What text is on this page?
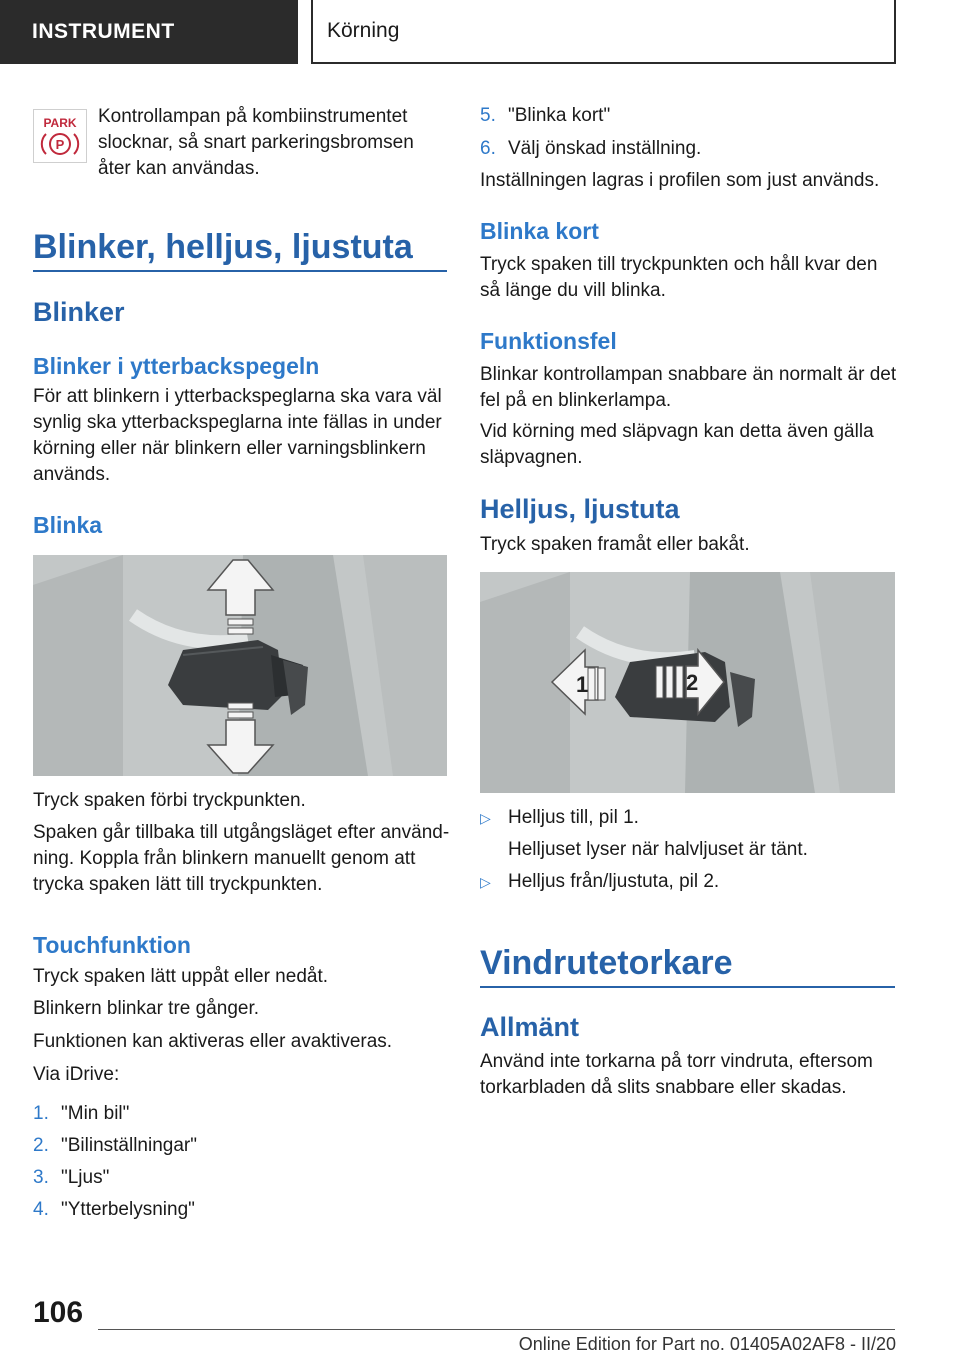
INSTRUMENT	Körning
PARK
P

Kontrollampan på kombiinstrumentet
slocknar, så snart parkeringsbromsen
åter kan användas.

Blinker, helljus, ljustuta
Blinker
Blinker i ytterbackspegeln

För att blinkern i ytterbackspeglarna ska vara väl
synlig ska ytterbackspeglarna inte fällas in under
körning eller när blinkern eller varningsblinkern
används.

Blinka

Tryck spaken förbi tryckpunkten.

Spaken går tillbaka till utgångsläget efter använd-
ning. Koppla från blinkern manuellt genom att
trycka spaken lätt till tryckpunkten.

Touchfunktion

Tryck spaken lätt uppåt eller nedåt.

Blinkern blinkar tre gånger.

Funktionen kan aktiveras eller avaktiveras.

Via iDrive:

1. "Min bil"
2. "Bilinställningar"
3. "Ljus"
4. "Ytterbelysning"
5. "Blinka kort"
6. Välj önskad inställning.

Inställningen lagras i profilen som just används.

Blinka kort

Tryck spaken till tryckpunkten och håll kvar den
så länge du vill blinka.

Funktionsfel

Blinkar kontrollampan snabbare än normalt är det
fel på en blinkerlampa.

Vid körning med släpvagn kan detta även gälla
släpvagnen.

Helljus, ljustuta

Tryck spaken framåt eller bakåt.

1	2
▷ Helljus till, pil 1.

Helljuset lyser när halvljuset är tänt.

▷ Helljus från/ljustuta, pil 2.
Vindrutetorkare
Allmänt

Använd inte torkarna på torr vindruta, eftersom
torkarbladen då slits snabbare eller skadas.

106
Online Edition for Part no. 01405A02AF8 - II/20
